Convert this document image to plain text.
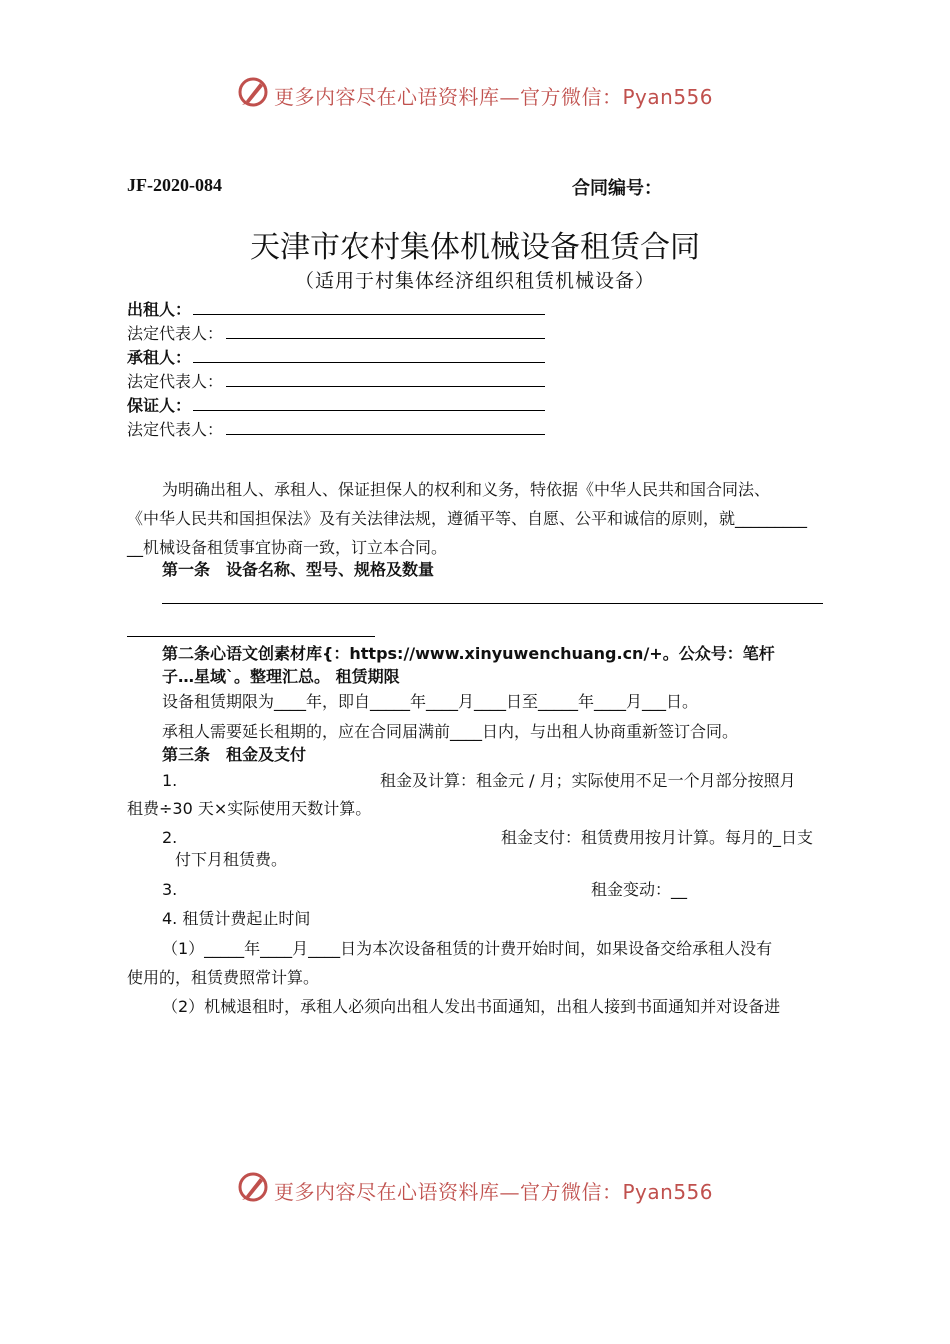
更多内容尽在心语资料库—官方微信：Pyan556
JF-2020-084	合同编号：
天津市农村集体机械设备租赁合同
（适用于村集体经济组织租赁机械设备）
出租人：
法定代表人：
承租人：
法定代表人：
保证人：
法定代表人：
为明确出租人、承租人、保证担保人的权利和义务，特依据《中华人民共和国合同法、
《中华人民共和国担保法》及有关法律法规，遵循平等、自愿、公平和诚信的原则，就_________
__机械设备租赁事宜协商一致，订立本合同。
第一条　设备名称、型号、规格及数量
第二条心语文创素材库{：https://www.xinyuwenchuang.cn/+。公众号：笔杆
子…星域`。整理汇总。 租赁期限
设备租赁期限为____年，即自_____年____月____日至_____年____月___日。
承租人需要延长租期的，应在合同届满前____日内，与出租人协商重新签订合同。
第三条　租金及支付
1.	租金及计算：租金元 / 月；实际使用不足一个月部分按照月
租费÷30 天×实际使用天数计算。
2.	租金支付：租赁费用按月计算。每月的_日支
付下月租赁费。
3.	租金变动：__
4. 租赁计费起止时间
（1）_____年____月____日为本次设备租赁的计费开始时间，如果设备交给承租人没有
使用的，租赁费照常计算。
（2）机械退租时，承租人必须向出租人发出书面通知，出租人接到书面通知并对设备进
更多内容尽在心语资料库—官方微信：Pyan556
